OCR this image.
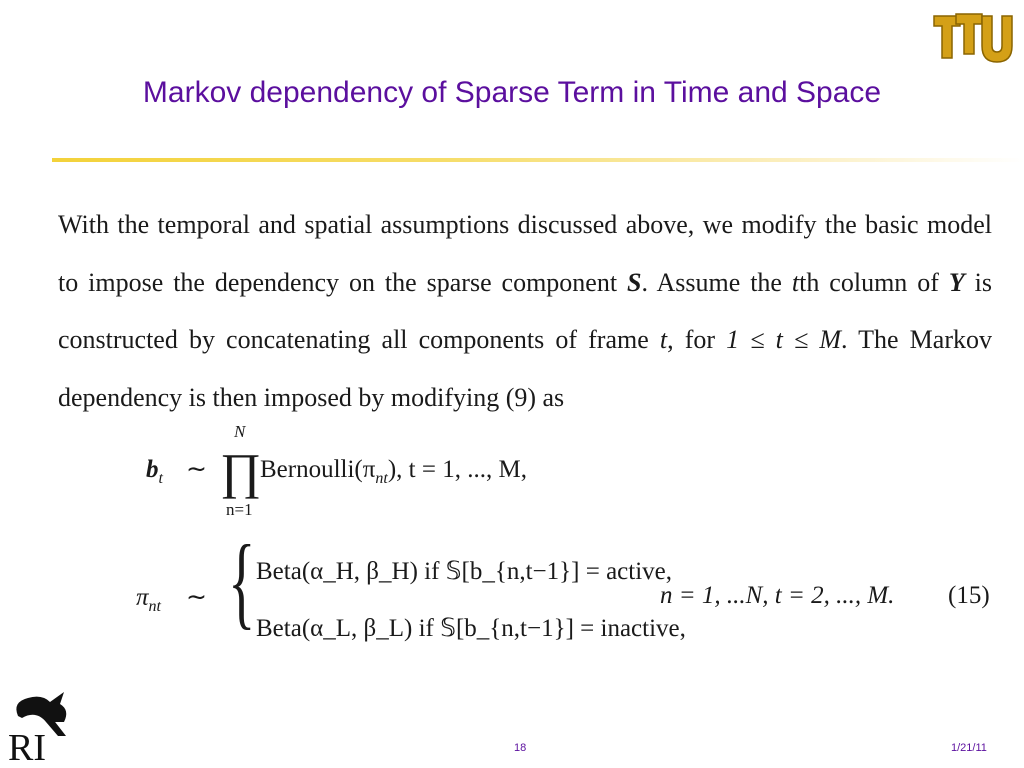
Markov dependency of Sparse Term in Time and Space
With the temporal and spatial assumptions discussed above, we modify the basic model to impose the dependency on the sparse component S. Assume the tth column of Y is constructed by concatenating all components of frame t, for 1 ≤ t ≤ M. The Markov dependency is then imposed by modifying (9) as
$b_t$ ∼
N
∏
n=1
$Bernoulli(\pi_{nt})$, t = 1, ..., M,
$\pi_{nt}$ ∼ { Beta(α_H, β_H) if 𝕊[b_{n,t−1}] = active,
Beta(α_L, β_L) if 𝕊[b_{n,t−1}] = inactive,
n = 1, ...N, t = 2, ..., M. (15)
RI	18	1/21/11
